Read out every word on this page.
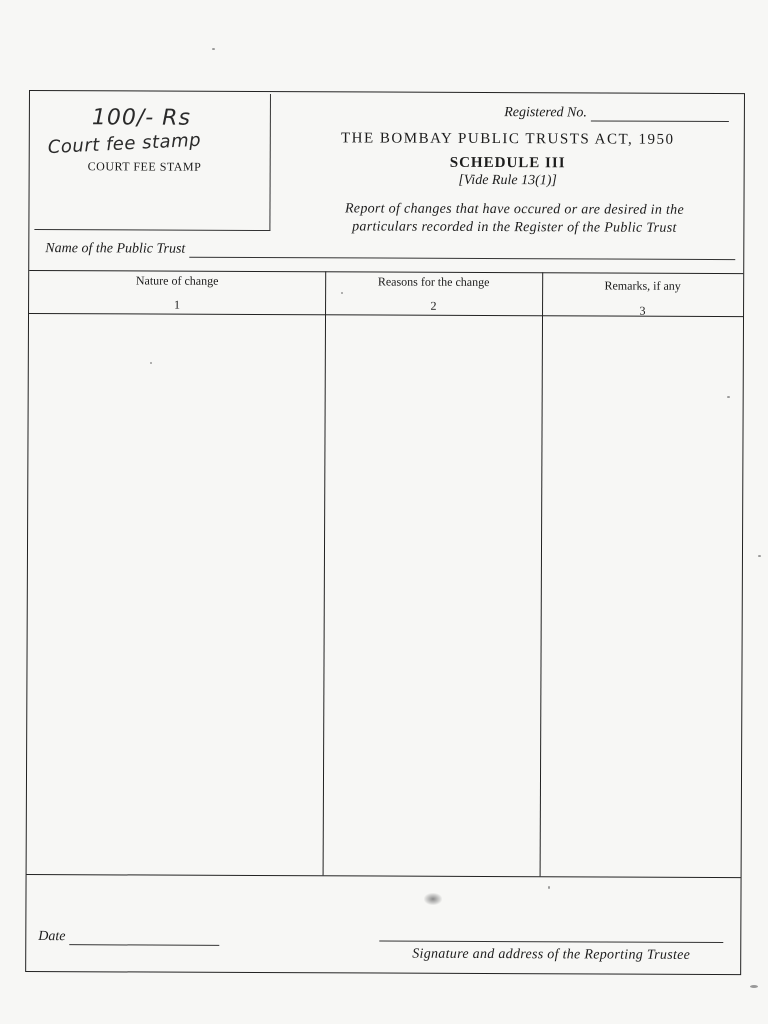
100/- Rs
Court fee stamp
COURT FEE STAMP
Registered No.
THE BOMBAY PUBLIC TRUSTS ACT, 1950
SCHEDULE III
[Vide Rule 13(1)]
Report of changes that have occured or are desired in the
particulars recorded in the Register of the Public Trust
Name of the Public Trust
Nature of change
1
Reasons for the change
2
Remarks, if any
3
Date
Signature and address of the Reporting Trustee
